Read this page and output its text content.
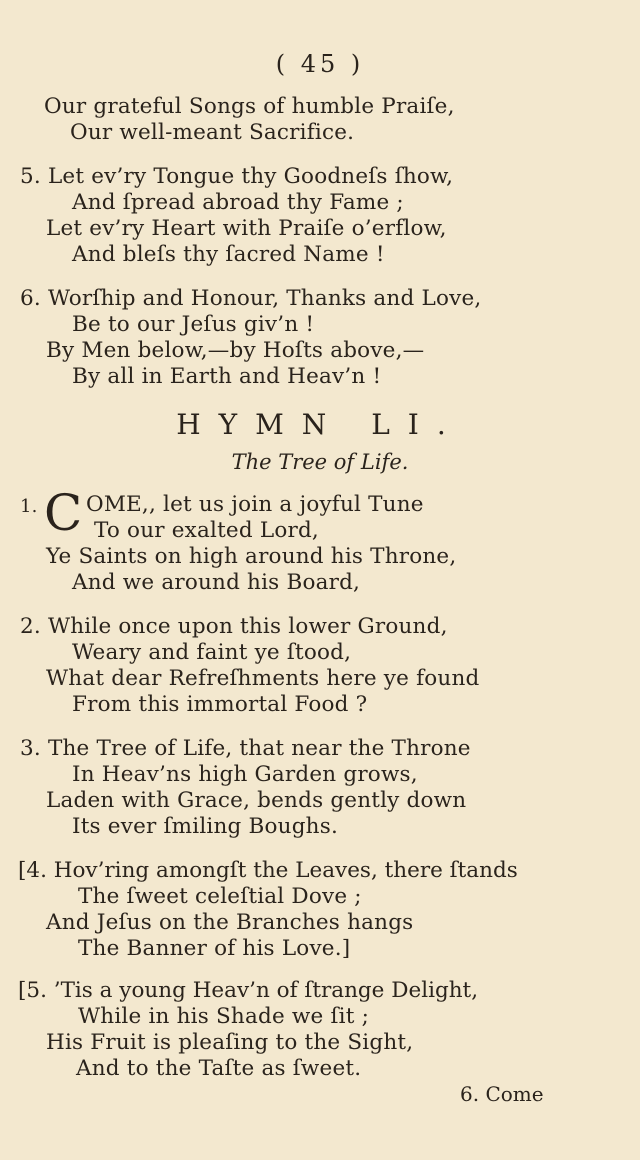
( 45 )
Our grateful Songs of humble Praiſe,
Our well-meant Sacrifice.
5. Let ev’ry Tongue thy Goodneſs ſhow,
And ſpread abroad thy Fame ;
Let ev’ry Heart with Praiſe o’erflow,
And bleſs thy ſacred Name !
6. Worſhip and Honour, Thanks and Love,
Be to our Jeſus giv’n !
By Men below,—by Hoſts above,—
By all in Earth and Heav’n !
HYMN LI.
The Tree of Life.
1. C OME,, let us join a joyful Tune
To our exalted Lord,
Ye Saints on high around his Throne,
And we around his Board,
2. While once upon this lower Ground,
Weary and faint ye ſtood,
What dear Refreſhments here ye found
From this immortal Food ?
3. The Tree of Life, that near the Throne
In Heav’ns high Garden grows,
Laden with Grace, bends gently down
Its ever ſmiling Boughs.
[4. Hov’ring amongſt the Leaves, there ſtands
The ſweet celeſtial Dove ;
And Jeſus on the Branches hangs
The Banner of his Love.]
[5. ’Tis a young Heav’n of ſtrange Delight,
While in his Shade we ſit ;
His Fruit is pleaſing to the Sight,
And to the Taſte as ſweet.
6. Come
